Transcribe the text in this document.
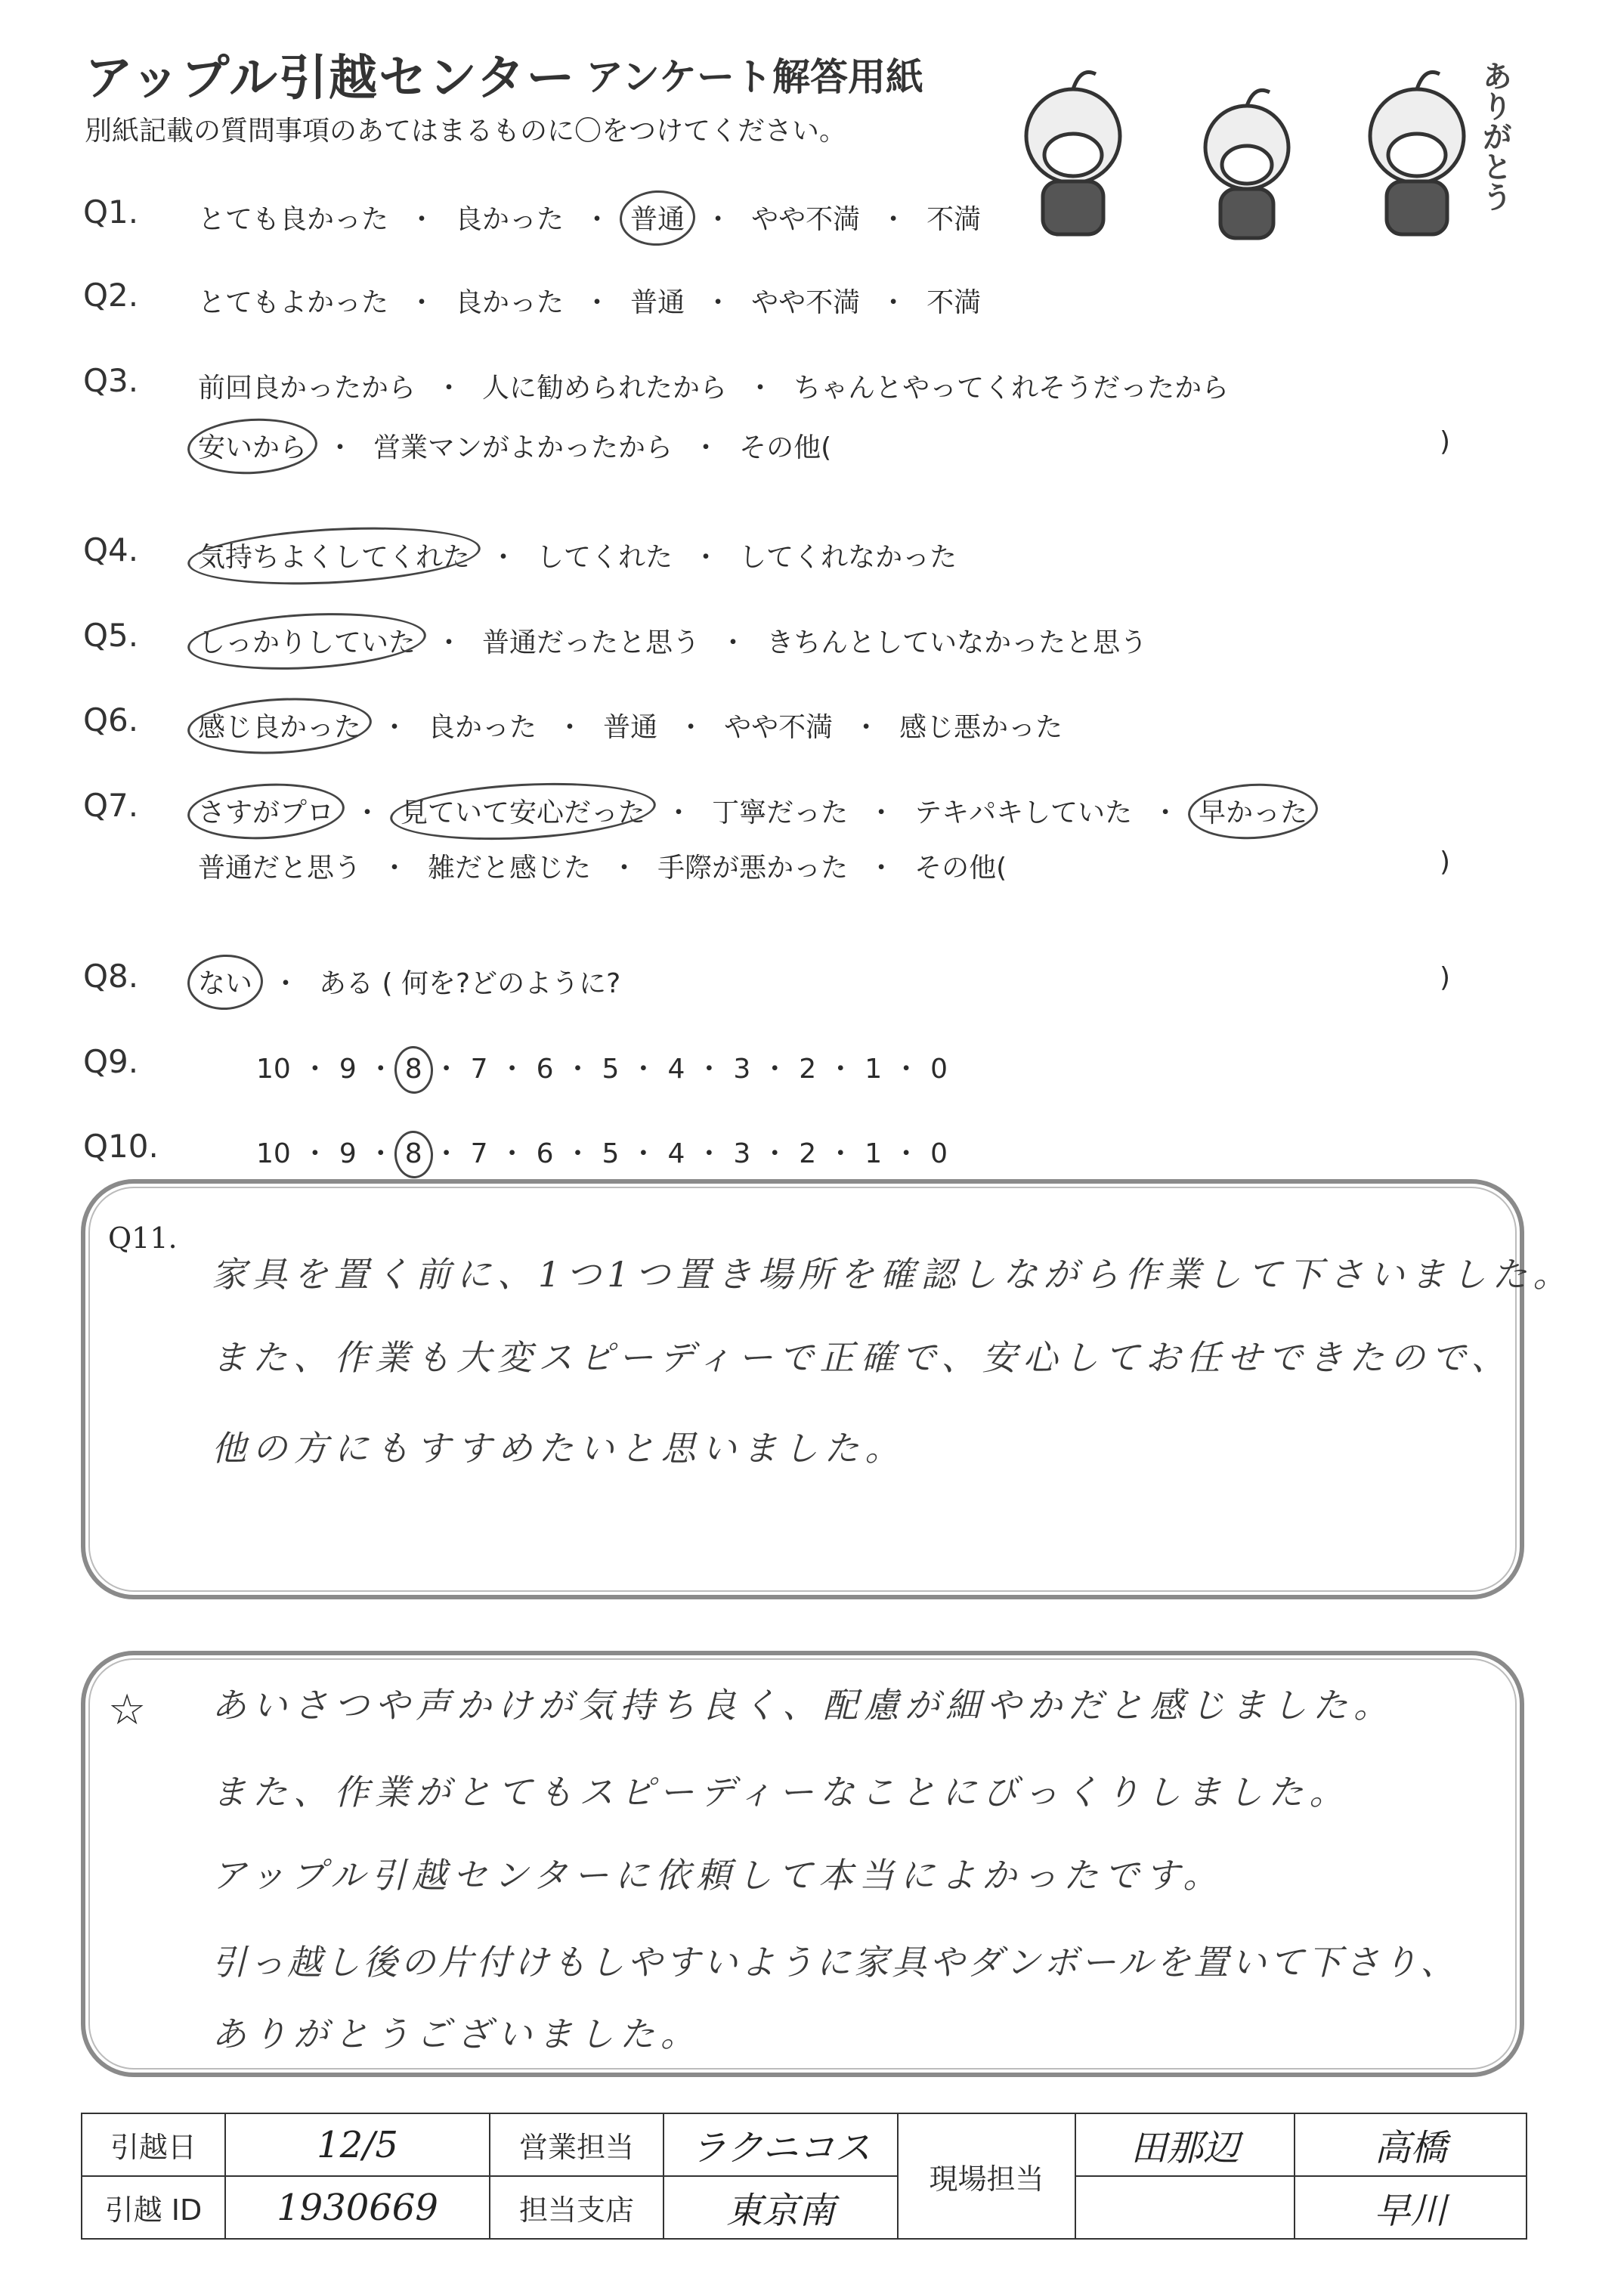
アップル引越センター アンケート解答用紙
別紙記載の質問事項のあてはまるものに〇をつけてください。	ありがとう
Q1. とても良かった ・ 良かった ・ 普通 ・ やや不満 ・ 不満
Q2. とてもよかった ・ 良かった ・ 普通 ・ やや不満 ・ 不満
Q3. 前回良かったから ・ 人に勧められたから ・ ちゃんとやってくれそうだったから
安いから ・ 営業マンがよかったから ・ その他(	)
Q4. 気持ちよくしてくれた ・ してくれた ・ してくれなかった
Q5. しっかりしていた ・ 普通だったと思う ・ きちんとしていなかったと思う
Q6. 感じ良かった ・ 良かった ・ 普通 ・ やや不満 ・ 感じ悪かった
Q7. さすがプロ ・ 見ていて安心だった ・ 丁寧だった ・ テキパキしていた ・ 早かった
普通だと思う ・ 雑だと感じた ・ 手際が悪かった ・ その他(	)
Q8. ない ・ ある ( 何を?どのように?	)
Q9.	10 ・ 9 ・ 8 ・ 7 ・ 6 ・ 5 ・ 4 ・ 3 ・ 2 ・ 1 ・ 0
Q10.	10 ・ 9 ・ 8 ・ 7 ・ 6 ・ 5 ・ 4 ・ 3 ・ 2 ・ 1 ・ 0
Q11.
家具を置く前に、1つ1つ置き場所を確認しながら作業して下さいました。
また、作業も大変スピーディーで正確で、安心してお任せできたので、
他の方にもすすめたいと思いました。
☆ あいさつや声かけが気持ち良く、配慮が細やかだと感じました。
また、作業がとてもスピーディーなことにびっくりしました。
アップル引越センターに依頼して本当によかったです。
引っ越し後の片付けもしやすいように家具やダンボールを置いて下さり、
ありがとうございました。
引越日	12/5	営業担当	ラクニコス	現場担当	田那辺	高橋
引越 ID	1930669	担当支店	東京南			早川
